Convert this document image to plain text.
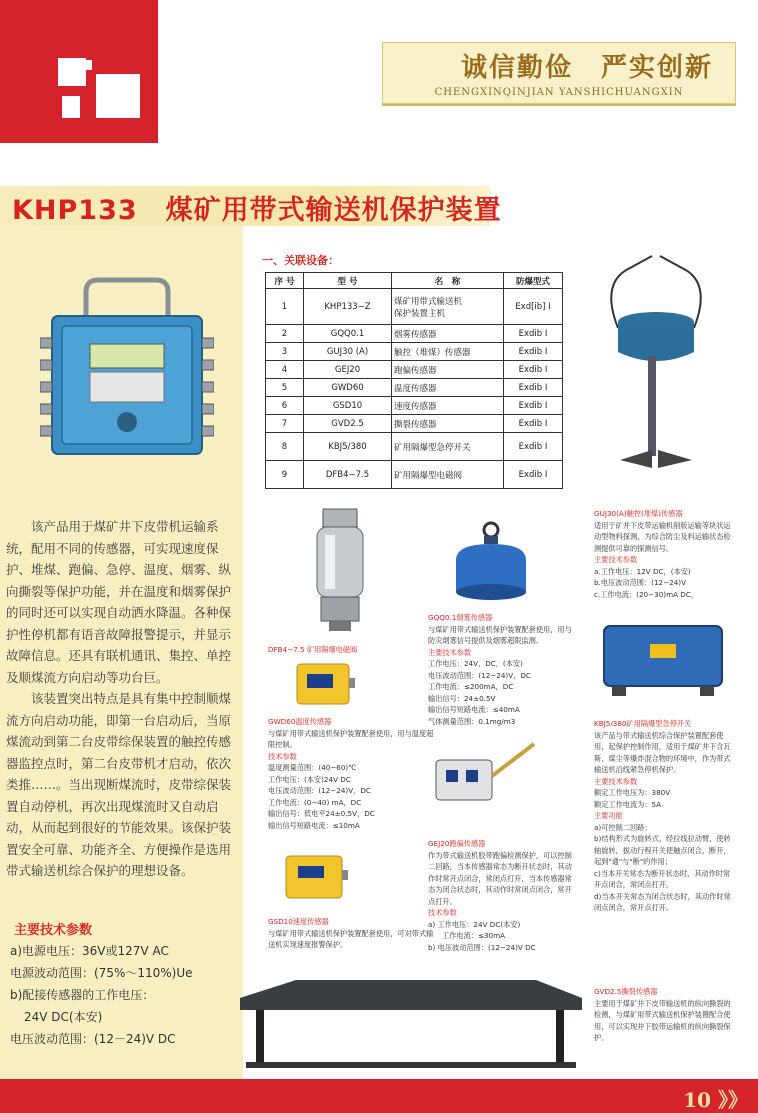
诚信勤俭　严实创新
CHENGXINQINJIAN YANSHICHUANGXIN
KHP133　煤矿用带式输送机保护装置

该产品用于煤矿井下皮带机运输系统，配用不同的传感器，可实现速度保护、堆煤、跑偏、急停、温度、烟雾、纵向撕裂等保护功能，并在温度和烟雾保护的同时还可以实现自动洒水降温。各种保护性停机都有语音故障报警提示，并显示故障信息。还具有联机通讯、集控、单控及顺煤流方向启动等功台巨。

该装置突出特点是具有集中控制顺煤流方向启动功能，即第一台启动后，当原煤流动到第二台皮带综保装置的触控传感器监控点时，第二台皮带机才启动，依次类推……。当出现断煤流时，皮带综保装置自动停机，再次出现煤流时又自动启动，从而起到很好的节能效果。该保护装置安全可靠、功能齐全、方便操作是选用带式输送机综合保护的理想设备。

主要技术参数
a)电源电压：36V或127V AC
电源波动范围：(75%～110%)Ue
b)配接传感器的工作电压：
24V DC(本安)
电压波动范围：(12－24)V DC
一、关联设备：
序 号	型 号	名　称	防爆型式
1	KHP133−Z	煤矿用带式输送机
保护装置主机	Exd[ib] Ⅰ
2	GQQ0.1	烟雾传感器	Exdib Ⅰ
3	GUJ30 (A)	触控（堆煤）传感器	Exdib Ⅰ
4	GEJ20	跑偏传感器	Exdib Ⅰ
5	GWD60	温度传感器	Exdib Ⅰ
6	GSD10	速度传感器	Exdib Ⅰ
7	GVD2.5	撕裂传感器	Exdib Ⅰ
8	KBJ5/380	矿用隔爆型急停开关	Exdib Ⅰ
9	DFB4−7.5	矿用隔爆型电磁阀	Exdib Ⅰ
DFB4−7.5 矿用隔爆电磁阀
GWD60温度传感器
与煤矿用带式输送机保护装置配套使用，用与温度超限控制。
技术参数
温度测量范围：(40−60)℃
工作电压：(本安)24V DC
电压波动范围：(12−24)V，DC
工作电流：(0−40) mA，DC
输出信号：低电平24±0.5V，DC
输出信号短路电流：≤10mA
GSD10速度传感器
与煤矿用带式输送机保护装置配套使用，可对带式输送机实现速度报警保护。
GQQ0.1烟雾传感器
与煤矿用带式输送机保护装置配套使用，用与防灾烟雾信号提供及烟雾超限监测。
主要技术参数
工作电压：24V，DC，(本安)
电压波动范围：(12−24)V，DC
工作电流：≤200mA，DC
输出信号：24±0.5V
输出信号短路电流：≤40mA
气体测量范围：0.1mg/m3
GEJ20跑偏传感器
作为带式输送机胶带跑偏检测保护，可以控制二回路，当本传感器常态为断开状态时，其动作时常开点闭合，常闭点打开，当本传感器常态为闭合状态时，其动作时常闭点闭合，常开点打开。
技术参数
a) 工作电压：24V DC(本安)
工作电流：≤30mA
b) 电压波动范围：(12−24)V DC
GUJ30(A)触控(堆煤)传感器
适用于矿井下皮带运输机削版运输等块状运动型物料探测，为综合防尘及料运输状态检测提供可靠的探测信号。
主要技术参数
a.工作电压：12V DC，(本安)
b.电压波动范围：(12−24)V
c.工作电流：(20−30)mA DC，
KBJ5/380矿用隔爆型急停开关
该产品与带式输送机综合保护装置配套使用，起保护控制作用，适用于煤矿井下含瓦斯、煤尘等爆炸混合物的环境中，作为带式输送机沿线紧急停机保护。
主要技术参数
额定工作电压为：380V
额定工作电流为：5A
主要功能
a)可控制二回路；
b)结构形式为旋转式，经拉线拉动臂，使转轴旋转，拔动行程开关使触点闭合，断开，起到"通"与"断"的作用；
c)当本开关常态为断开状态时，其动作时常开点闭合，常闭点打开。
d)当本开关常态为闭合状态时，其动作时常闭点闭合，常开点打开。
GVD2.5撕裂传感器
主要用于煤矿井下皮带输送机的纵向撕裂的检测，与煤矿用带式输送机保护装置配合使用，可以实现井下胶带运输机的纵向撕裂保护。
10 》》
